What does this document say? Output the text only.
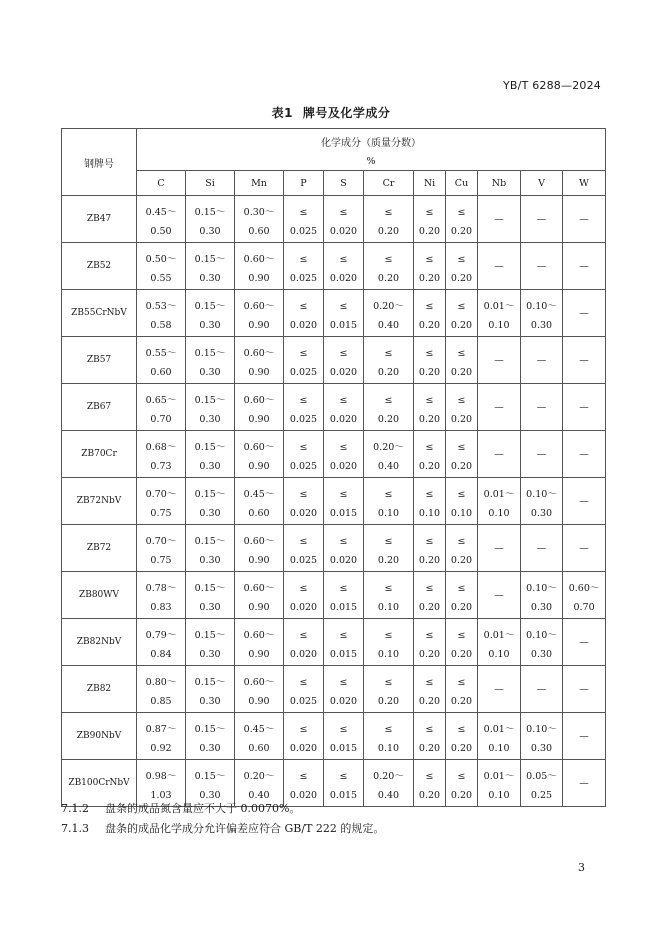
YB/T 6288—2024
表1 牌号及化学成分
钢牌号	化学成分（质量分数）										
	%										
	C	Si	Mn	P	S	Cr	Ni	Cu	Nb	V	W
ZB47	0.45～	0.15～	0.30～	≤	≤	≤	≤	≤	—	—	—
	0.50	0.30	0.60	0.025	0.020	0.20	0.20	0.20			
ZB52	0.50～	0.15～	0.60～	≤	≤	≤	≤	≤	—	—	—
	0.55	0.30	0.90	0.025	0.020	0.20	0.20	0.20			
ZB55CrNbV	0.53～	0.15～	0.60～	≤	≤	0.20～	≤	≤	0.01～	0.10～	—
	0.58	0.30	0.90	0.020	0.015	0.40	0.20	0.20	0.10	0.30	
ZB57	0.55～	0.15～	0.60～	≤	≤	≤	≤	≤	—	—	—
	0.60	0.30	0.90	0.025	0.020	0.20	0.20	0.20			
ZB67	0.65～	0.15～	0.60～	≤	≤	≤	≤	≤	—	—	—
	0.70	0.30	0.90	0.025	0.020	0.20	0.20	0.20			
ZB70Cr	0.68～	0.15～	0.60～	≤	≤	0.20～	≤	≤	—	—	—
	0.73	0.30	0.90	0.025	0.020	0.40	0.20	0.20			
ZB72NbV	0.70～	0.15～	0.45～	≤	≤	≤	≤	≤	0.01～	0.10～	—
	0.75	0.30	0.60	0.020	0.015	0.10	0.10	0.10	0.10	0.30	
ZB72	0.70～	0.15～	0.60～	≤	≤	≤	≤	≤	—	—	—
	0.75	0.30	0.90	0.025	0.020	0.20	0.20	0.20			
ZB80WV	0.78～	0.15～	0.60～	≤	≤	≤	≤	≤	—	0.10～	0.60～
	0.83	0.30	0.90	0.020	0.015	0.10	0.20	0.20		0.30	0.70
ZB82NbV	0.79～	0.15～	0.60～	≤	≤	≤	≤	≤	0.01～	0.10～	—
	0.84	0.30	0.90	0.020	0.015	0.10	0.20	0.20	0.10	0.30	
ZB82	0.80～	0.15～	0.60～	≤	≤	≤	≤	≤	—	—	—
	0.85	0.30	0.90	0.025	0.020	0.20	0.20	0.20			
ZB90NbV	0.87～	0.15～	0.45～	≤	≤	≤	≤	≤	0.01～	0.10～	—
	0.92	0.30	0.60	0.020	0.015	0.10	0.20	0.20	0.10	0.30	
ZB100CrNbV	0.98～	0.15～	0.20～	≤	≤	0.20～	≤	≤	0.01～	0.05～	—
	1.03	0.30	0.40	0.020	0.015	0.40	0.20	0.20	0.10	0.25	
7.1.2 盘条的成品氮含量应不大于 0.0070%。
7.1.3 盘条的成品化学成分允许偏差应符合 GB/T 222 的规定。
3
